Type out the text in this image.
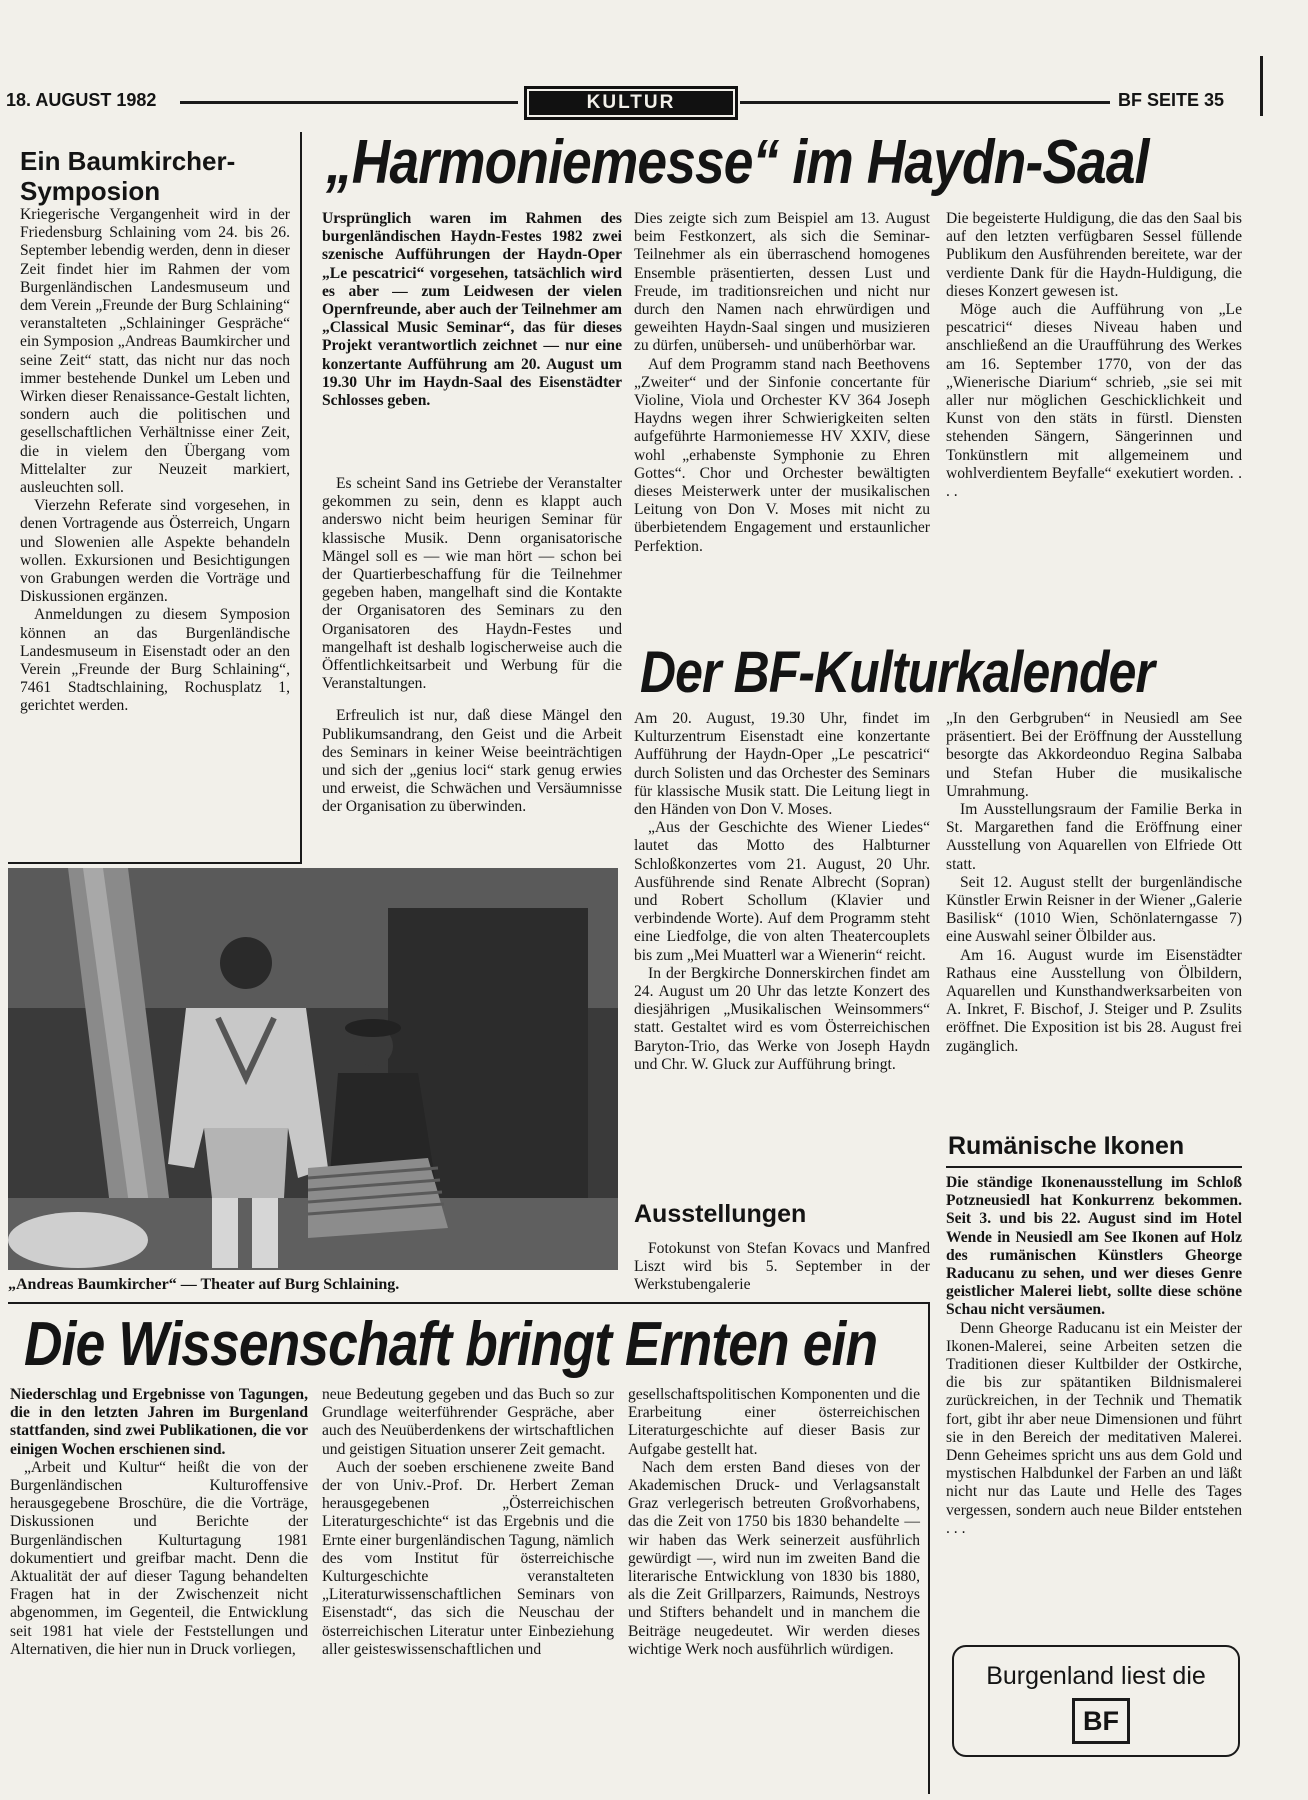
18. AUGUST 1982	KULTUR	BF SEITE 35
Ein Baumkircher-Symposion

Kriegerische Vergangenheit wird in der Friedensburg Schlaining vom 24. bis 26. September lebendig werden, denn in dieser Zeit findet hier im Rahmen der vom Burgenländischen Landesmuseum und dem Verein „Freunde der Burg Schlaining“ veranstalteten „Schlaininger Gespräche“ ein Symposion „Andreas Baumkircher und seine Zeit“ statt, das nicht nur das noch immer bestehende Dunkel um Leben und Wirken dieser Renaissance-Gestalt lichten, sondern auch die politischen und gesellschaftlichen Verhältnisse einer Zeit, die in vielem den Übergang vom Mittelalter zur Neuzeit markiert, ausleuchten soll.

Vierzehn Referate sind vorgesehen, in denen Vortragende aus Österreich, Ungarn und Slowenien alle Aspekte behandeln wollen. Exkursionen und Besichtigungen von Grabungen werden die Vorträge und Diskussionen ergänzen.

Anmeldungen zu diesem Symposion können an das Burgenländische Landesmuseum in Eisenstadt oder an den Verein „Freunde der Burg Schlaining“, 7461 Stadtschlaining, Rochusplatz 1, gerichtet werden.

„Harmoniemesse“ im Haydn-Saal

Ursprünglich waren im Rahmen des burgenländischen Haydn-Festes 1982 zwei szenische Aufführungen der Haydn-Oper „Le pescatrici“ vorgesehen, tatsächlich wird es aber — zum Leidwesen der vielen Opernfreunde, aber auch der Teilnehmer am „Classical Music Seminar“, das für dieses Projekt verantwortlich zeichnet — nur eine konzertante Aufführung am 20. August um 19.30 Uhr im Haydn-Saal des Eisenstädter Schlosses geben.

Es scheint Sand ins Getriebe der Veranstalter gekommen zu sein, denn es klappt auch anderswo nicht beim heurigen Seminar für klassische Musik. Denn organisatorische Mängel soll es — wie man hört — schon bei der Quartierbeschaffung für die Teilnehmer gegeben haben, mangelhaft sind die Kontakte der Organisatoren des Seminars zu den Organisatoren des Haydn-Festes und mangelhaft ist deshalb logischerweise auch die Öffentlichkeitsarbeit und Werbung für die Veranstaltungen.

Erfreulich ist nur, daß diese Mängel den Publikumsandrang, den Geist und die Arbeit des Seminars in keiner Weise beeinträchtigen und sich der „genius loci“ stark genug erwies und erweist, die Schwächen und Versäumnisse der Organisation zu überwinden.

Dies zeigte sich zum Beispiel am 13. August beim Festkonzert, als sich die Seminar-Teilnehmer als ein überraschend homogenes Ensemble präsentierten, dessen Lust und Freude, im traditionsreichen und nicht nur durch den Namen nach ehrwürdigen und geweihten Haydn-Saal singen und musizieren zu dürfen, unüberseh- und unüberhörbar war.

Auf dem Programm stand nach Beethovens „Zweiter“ und der Sinfonie concertante für Violine, Viola und Orchester KV 364 Joseph Haydns wegen ihrer Schwierigkeiten selten aufgeführte Harmoniemesse HV XXIV, diese wohl „erhabenste Symphonie zu Ehren Gottes“. Chor und Orchester bewältigten dieses Meisterwerk unter der musikalischen Leitung von Don V. Moses mit nicht zu überbietendem Engagement und erstaunlicher Perfektion.

Die begeisterte Huldigung, die das den Saal bis auf den letzten verfügbaren Sessel füllende Publikum den Ausführenden bereitete, war der verdiente Dank für die Haydn-Huldigung, die dieses Konzert gewesen ist.

Möge auch die Aufführung von „Le pescatrici“ dieses Niveau haben und anschließend an die Uraufführung des Werkes am 16. September 1770, von der das „Wienerische Diarium“ schrieb, „sie sei mit aller nur möglichen Geschicklichkeit und Kunst von den stäts in fürstl. Diensten stehenden Sängern, Sängerinnen und Tonkünstlern mit allgemeinem und wohlverdientem Beyfalle“ exekutiert worden. . . .

„Andreas Baumkircher“ — Theater auf Burg Schlaining.
Der BF-Kulturkalender

Am 20. August, 19.30 Uhr, findet im Kulturzentrum Eisenstadt eine konzertante Aufführung der Haydn-Oper „Le pescatrici“ durch Solisten und das Orchester des Seminars für klassische Musik statt. Die Leitung liegt in den Händen von Don V. Moses.

„Aus der Geschichte des Wiener Liedes“ lautet das Motto des Halbturner Schloßkonzertes vom 21. August, 20 Uhr. Ausführende sind Renate Albrecht (Sopran) und Robert Schollum (Klavier und verbindende Worte). Auf dem Programm steht eine Liedfolge, die von alten Theatercouplets bis zum „Mei Muatterl war a Wienerin“ reicht.

In der Bergkirche Donnerskirchen findet am 24. August um 20 Uhr das letzte Konzert des diesjährigen „Musikalischen Weinsommers“ statt. Gestaltet wird es vom Österreichischen Baryton-Trio, das Werke von Joseph Haydn und Chr. W. Gluck zur Aufführung bringt.

Ausstellungen

Fotokunst von Stefan Kovacs und Manfred Liszt wird bis 5. September in der Werkstubengalerie

„In den Gerbgruben“ in Neusiedl am See präsentiert. Bei der Eröffnung der Ausstellung besorgte das Akkordeonduo Regina Salbaba und Stefan Huber die musikalische Umrahmung.

Im Ausstellungsraum der Familie Berka in St. Margarethen fand die Eröffnung einer Ausstellung von Aquarellen von Elfriede Ott statt.

Seit 12. August stellt der burgenländische Künstler Erwin Reisner in der Wiener „Galerie Basilisk“ (1010 Wien, Schönlaterngasse 7) eine Auswahl seiner Ölbilder aus.

Am 16. August wurde im Eisenstädter Rathaus eine Ausstellung von Ölbildern, Aquarellen und Kunsthandwerksarbeiten von A. Inkret, F. Bischof, J. Steiger und P. Zsulits eröffnet. Die Exposition ist bis 28. August frei zugänglich.

Rumänische Ikonen

Die ständige Ikonenausstellung im Schloß Potzneusiedl hat Konkurrenz bekommen. Seit 3. und bis 22. August sind im Hotel Wende in Neusiedl am See Ikonen auf Holz des rumänischen Künstlers Gheorge Raducanu zu sehen, und wer dieses Genre geistlicher Malerei liebt, sollte diese schöne Schau nicht versäumen.

Denn Gheorge Raducanu ist ein Meister der Ikonen-Malerei, seine Arbeiten setzen die Traditionen dieser Kultbilder der Ostkirche, die bis zur spätantiken Bildnismalerei zurückreichen, in der Technik und Thematik fort, gibt ihr aber neue Dimensionen und führt sie in den Bereich der meditativen Malerei. Denn Geheimes spricht uns aus dem Gold und mystischen Halbdunkel der Farben an und läßt nicht nur das Laute und Helle des Tages vergessen, sondern auch neue Bilder entstehen . . .

Burgenland liest die
BF
Die Wissenschaft bringt Ernten ein

Niederschlag und Ergebnisse von Tagungen, die in den letzten Jahren im Burgenland stattfanden, sind zwei Publikationen, die vor einigen Wochen erschienen sind.

„Arbeit und Kultur“ heißt die von der Burgenländischen Kulturoffensive herausgegebene Broschüre, die die Vorträge, Diskussionen und Berichte der Burgenländischen Kulturtagung 1981 dokumentiert und greifbar macht. Denn die Aktualität der auf dieser Tagung behandelten Fragen hat in der Zwischenzeit nicht abgenommen, im Gegenteil, die Entwicklung seit 1981 hat viele der Feststellungen und Alternativen, die hier nun in Druck vorliegen,

neue Bedeutung gegeben und das Buch so zur Grundlage weiterführender Gespräche, aber auch des Neuüberdenkens der wirtschaftlichen und geistigen Situation unserer Zeit gemacht.

Auch der soeben erschienene zweite Band der von Univ.-Prof. Dr. Herbert Zeman herausgegebenen „Österreichischen Literaturgeschichte“ ist das Ergebnis und die Ernte einer burgenländischen Tagung, nämlich des vom Institut für österreichische Kulturgeschichte veranstalteten „Literaturwissenschaftlichen Seminars von Eisenstadt“, das sich die Neuschau der österreichischen Literatur unter Einbeziehung aller geisteswissenschaftlichen und

gesellschaftspolitischen Komponenten und die Erarbeitung einer österreichischen Literaturgeschichte auf dieser Basis zur Aufgabe gestellt hat.

Nach dem ersten Band dieses von der Akademischen Druck- und Verlagsanstalt Graz verlegerisch betreuten Großvorhabens, das die Zeit von 1750 bis 1830 behandelte — wir haben das Werk seinerzeit ausführlich gewürdigt —, wird nun im zweiten Band die literarische Entwicklung von 1830 bis 1880, als die Zeit Grillparzers, Raimunds, Nestroys und Stifters behandelt und in manchem die Beiträge neugedeutet. Wir werden dieses wichtige Werk noch ausführlich würdigen.
